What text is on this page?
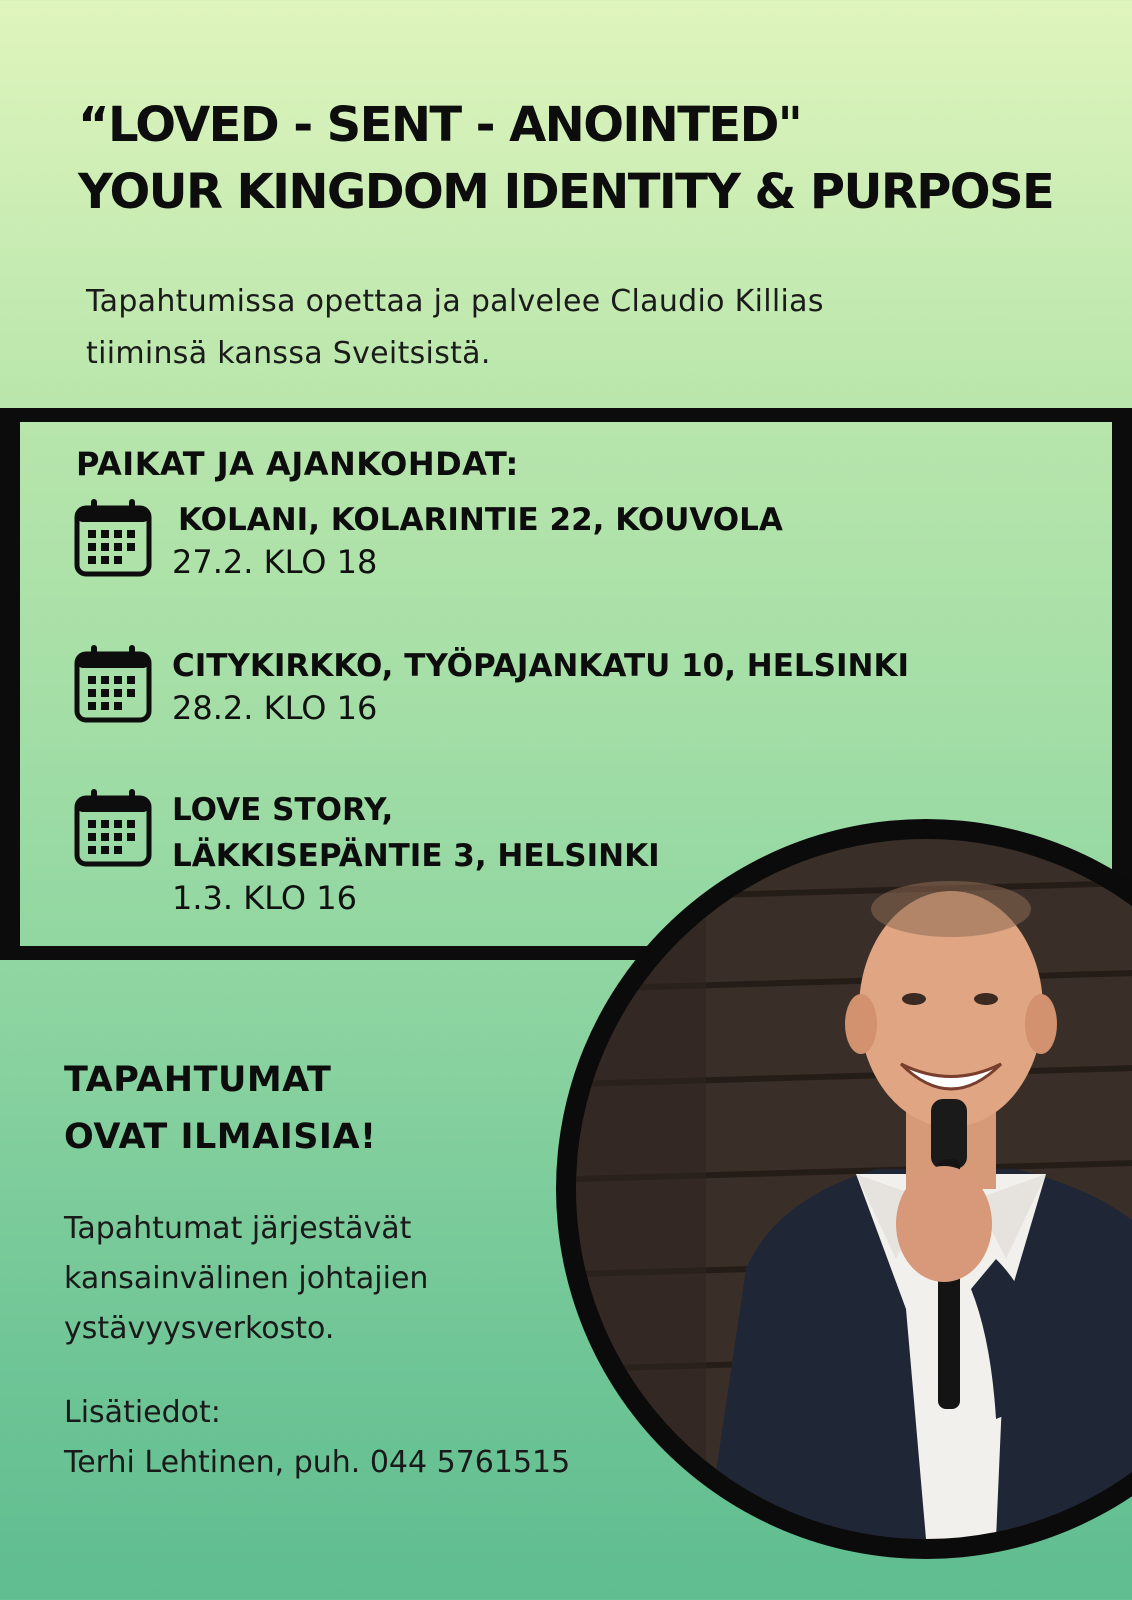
“LOVED - SENT - ANOINTED"
YOUR KINGDOM IDENTITY & PURPOSE

Tapahtumissa opettaa ja palvelee Claudio Killias tiiminsä kanssa Sveitsistä.

PAIKAT JA AJANKOHDAT:

KOLANI, KOLARINTIE 22, KOUVOLA

27.2. KLO 18

CITYKIRKKO, TYÖPAJANKATU 10, HELSINKI

28.2. KLO 16

LOVE STORY,

LÄKKISEPÄNTIE 3, HELSINKI

1.3. KLO 16

TAPAHTUMAT
OVAT ILMAISIA!

Tapahtumat järjestävät kansainvälinen johtajien ystävyysverkosto.

Lisätiedot:
Terhi Lehtinen, puh. 044 5761515
